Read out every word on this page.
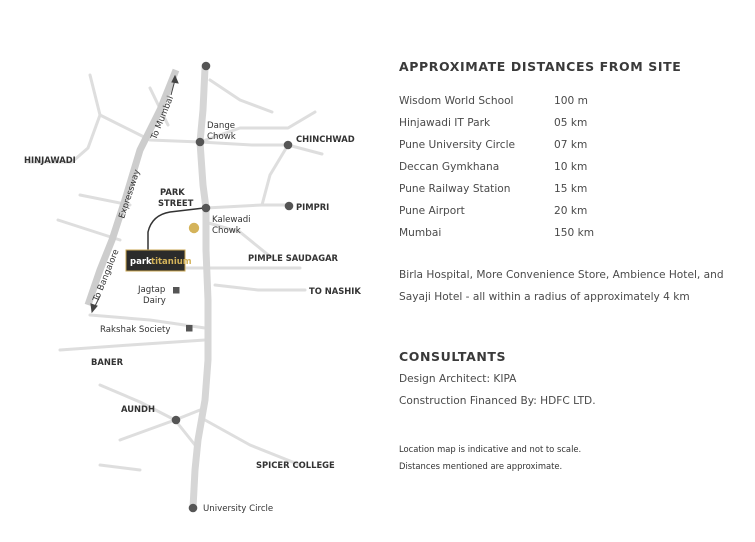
park titanium
HINJAWADI
To Mumbai
Expressway
To Bangalore
Dange
Chowk	CHINCHWAD
PARK
STREET
Kalewadi
Chowk
PIMPRI
PIMPLE SAUDAGAR
TO NASHIK
Jagtap
Dairy
Rakshak Society
BANER
AUNDH
SPICER COLLEGE
University Circle
APPROXIMATE DISTANCES FROM SITE
Wisdom World School	100 m
Hinjawadi IT Park	05 km
Pune University Circle	07 km
Deccan Gymkhana	10 km
Pune Railway Station	15 km
Pune Airport	20 km
Mumbai	150 km
Birla Hospital, More Convenience Store, Ambience Hotel, and Sayaji Hotel - all within a radius of approximately 4 km
CONSULTANTS
Design Architect: KIPA
Construction Financed By: HDFC LTD.
Location map is indicative and not to scale.
Distances mentioned are approximate.
